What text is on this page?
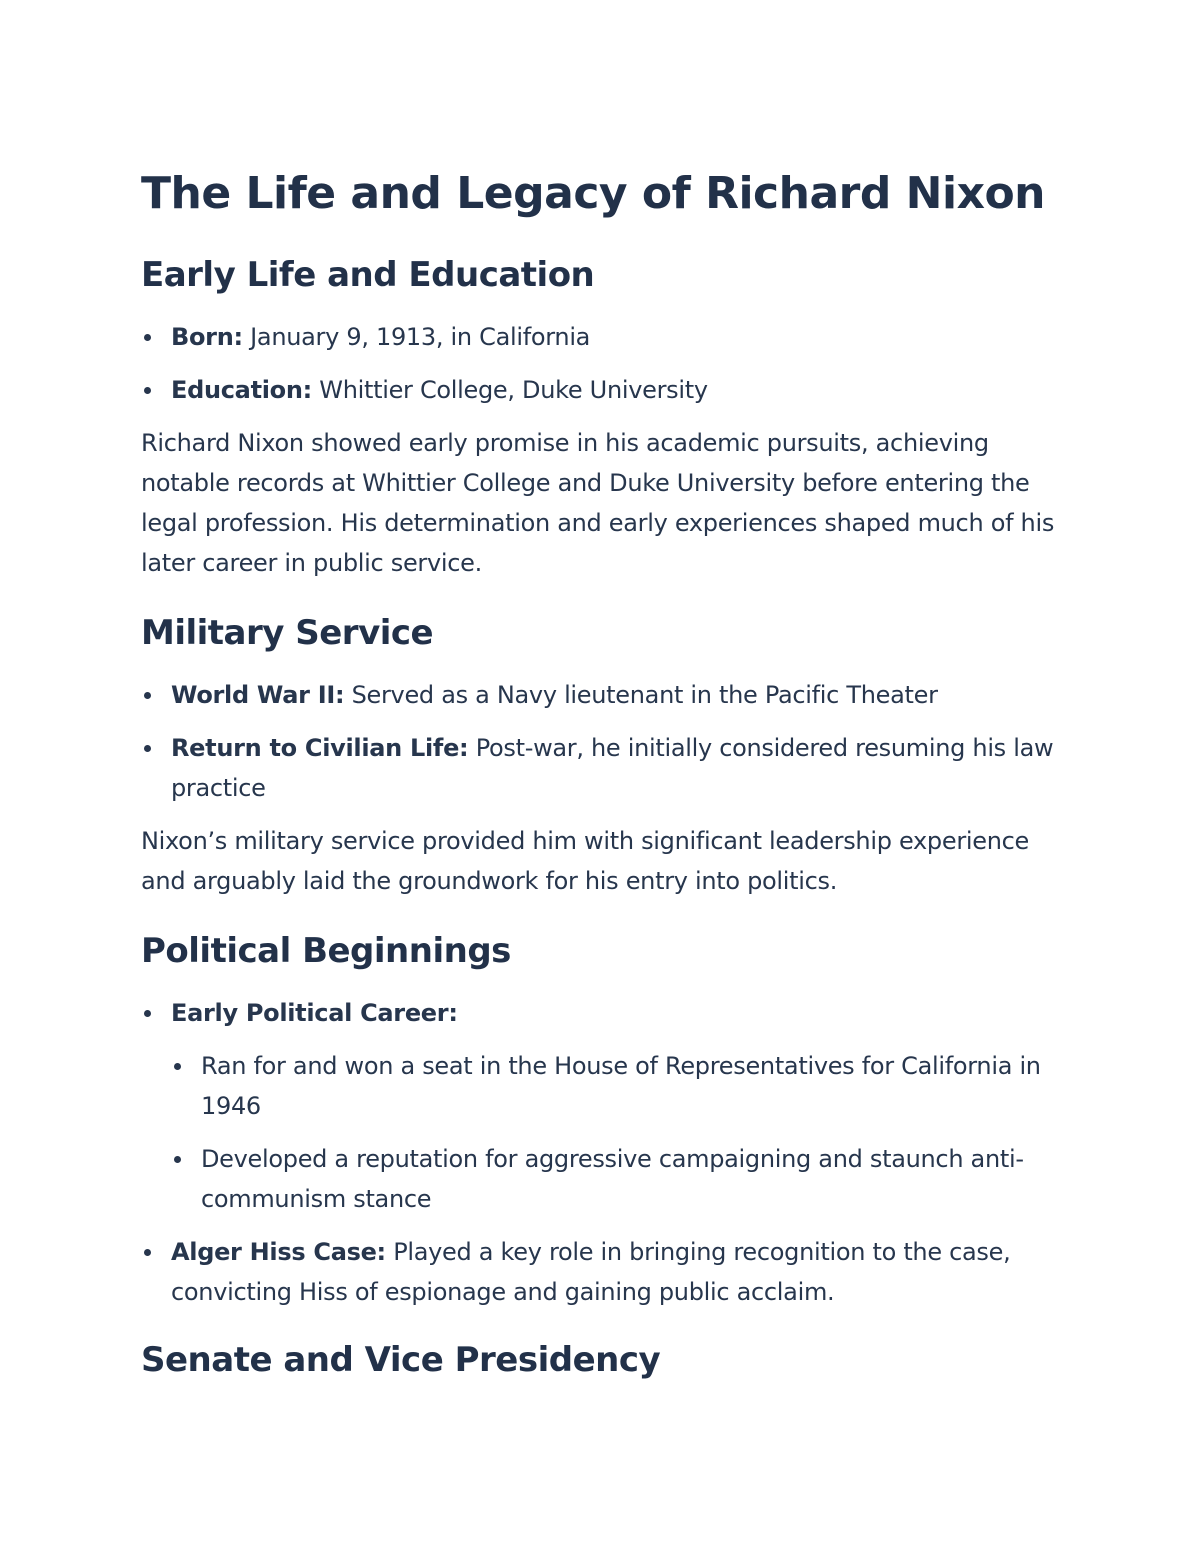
The Life and Legacy of Richard Nixon
Early Life and Education
Born: January 9, 1913, in California
Education: Whittier College, Duke University

Richard Nixon showed early promise in his academic pursuits, achieving notable records at Whittier College and Duke University before entering the legal profession. His determination and early experiences shaped much of his later career in public service.

Military Service
World War II: Served as a Navy lieutenant in the Pacific Theater
Return to Civilian Life: Post-war, he initially considered resuming his law practice

Nixon’s military service provided him with significant leadership experience and arguably laid the groundwork for his entry into politics.

Political Beginnings
Early Political Career:
Ran for and won a seat in the House of Representatives for California in 1946
Developed a reputation for aggressive campaigning and staunch anti-communism stance
Alger Hiss Case: Played a key role in bringing recognition to the case, convicting Hiss of espionage and gaining public acclaim.
Senate and Vice Presidency
